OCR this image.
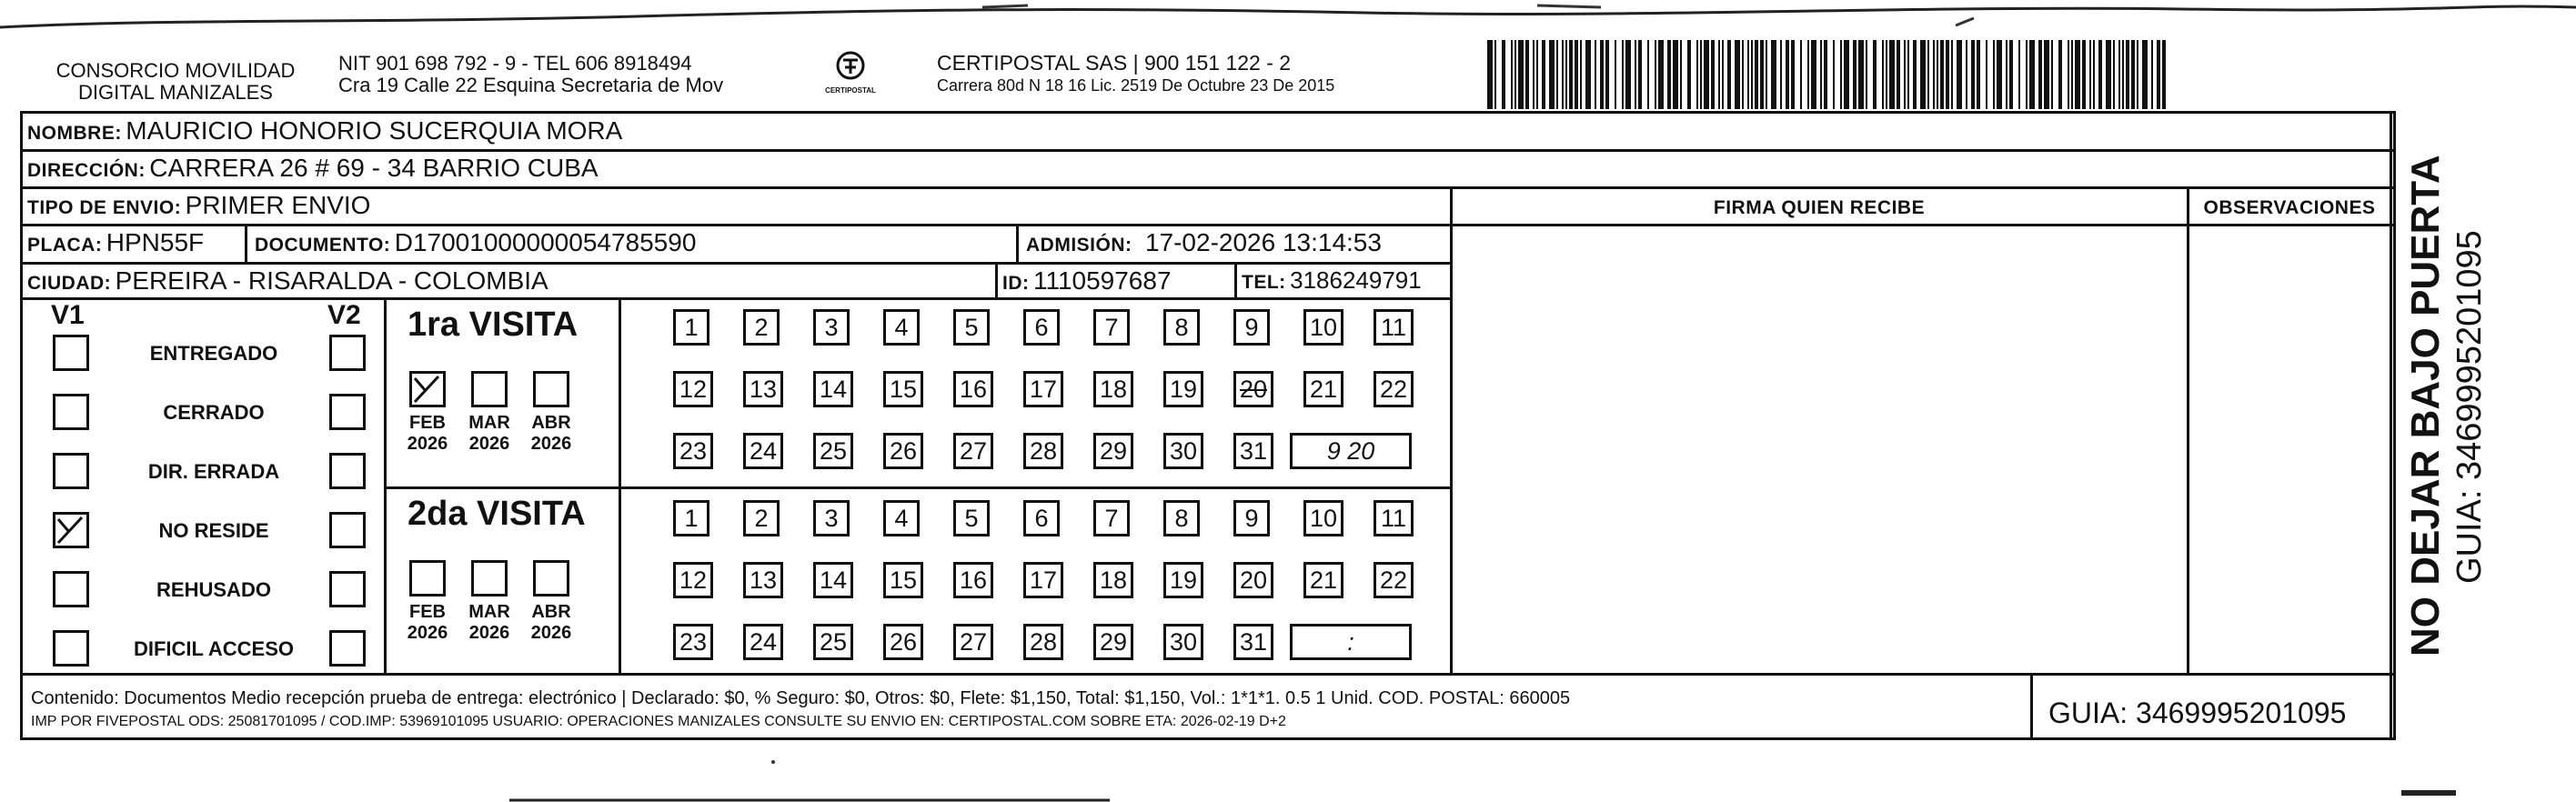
CONSORCIO MOVILIDAD
DIGITAL MANIZALES
NIT 901 698 792 - 9 - TEL 606 8918494
Cra 19 Calle 22 Esquina Secretaria de Mov	CERTIPOSTAL
CERTIPOSTAL SAS | 900 151 122 - 2
Carrera 80d N 18 16 Lic. 2519 De Octubre 23 De 2015
NOMBRE: MAURICIO HONORIO SUCERQUIA MORA
DIRECCIÓN: CARRERA 26 # 69 - 34 BARRIO CUBA
TIPO DE ENVIO: PRIMER ENVIO	FIRMA QUIEN RECIBE	OBSERVACIONES
PLACA: HPN55F	DOCUMENTO: D17001000000054785590	ADMISIÓN: 17-02-2026 13:14:53
CIUDAD: PEREIRA - RISARALDA - COLOMBIA	ID: 1110597687	TEL: 3186249791
V1	V2 1ra VISITA
2da VISITA
Contenido: Documentos Medio recepción prueba de entrega: electrónico | Declarado: $0, % Seguro: $0, Otros: $0, Flete: $1,150, Total: $1,150, Vol.: 1*1*1. 0.5 1 Unid. COD. POSTAL: 660005
IMP POR FIVEPOSTAL ODS: 25081701095 / COD.IMP: 53969101095 USUARIO: OPERACIONES MANIZALES CONSULTE SU ENVIO EN: CERTIPOSTAL.COM SOBRE ETA: 2026-02-19 D+2	GUIA: 3469995201095
NO DEJAR BAJO PUERTA GUIA: 3469995201095
ENTREGADO
CERRADO
DIR. ERRADA
NO RESIDE
REHUSADO
DIFICIL ACCESO
FEB
2026
MAR
2026
ABR
2026
FEB
2026
MAR
2026
ABR
2026
1	2	3	4	5	6	7	8	9	10 11
12 13 14 15 16 17 18 19 20 21 22
23 24 25 26 27 28 29 30 31	9 20
1	2	3	4	5	6	7	8	9	10 11
12 13 14 15 16 17 18 19 20 21 22
23 24 25 26 27 28 29 30 31	:
